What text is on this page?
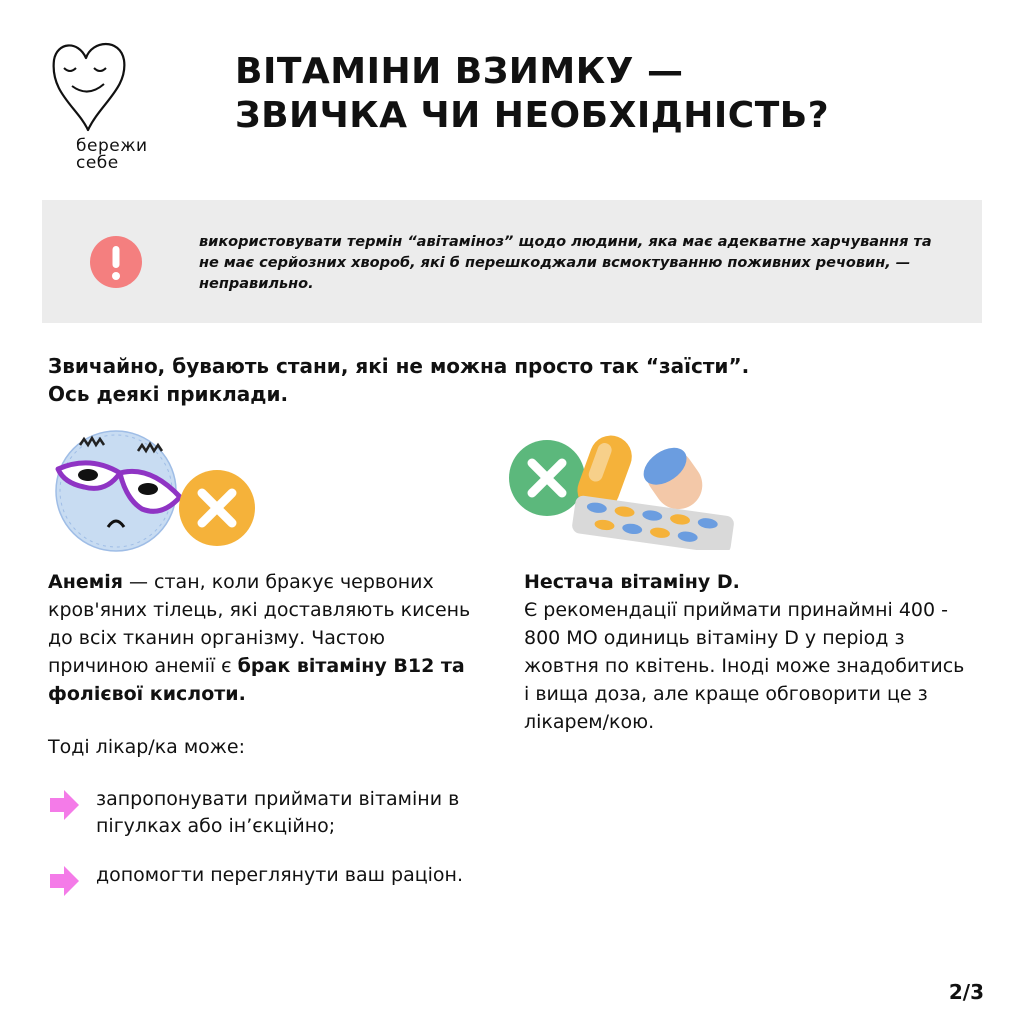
бережи
себе
ВІТАМІНИ ВЗИМКУ —
ЗВИЧКА ЧИ НЕОБХІДНІСТЬ?
використовувати термін “авітаміноз” щодо людини, яка має адекватне харчування та не має серйозних хвороб, які б перешкоджали всмоктуванню поживних речовин, — неправильно.
Звичайно, бувають стани, які не можна просто так “заїсти”.
Ось деякі приклади.

Анемія — стан, коли бракує червоних кров'яних тілець, які доставляють кисень до всіх тканин організму. Частою причиною анемії є брак вітаміну B12 та фолієвої кислоти.

Тоді лікар/ка може:
запропонувати приймати вітаміни в пігулках або ін’єкційно;
допомогти переглянути ваш раціон.

Нестача вітаміну D.

Є рекомендації приймати принаймні 400 - 800 МО одиниць вітаміну D у період з жовтня по квітень. Іноді може знадобитись і вища доза, але краще обговорити це з лікарем/кою.

2/3
